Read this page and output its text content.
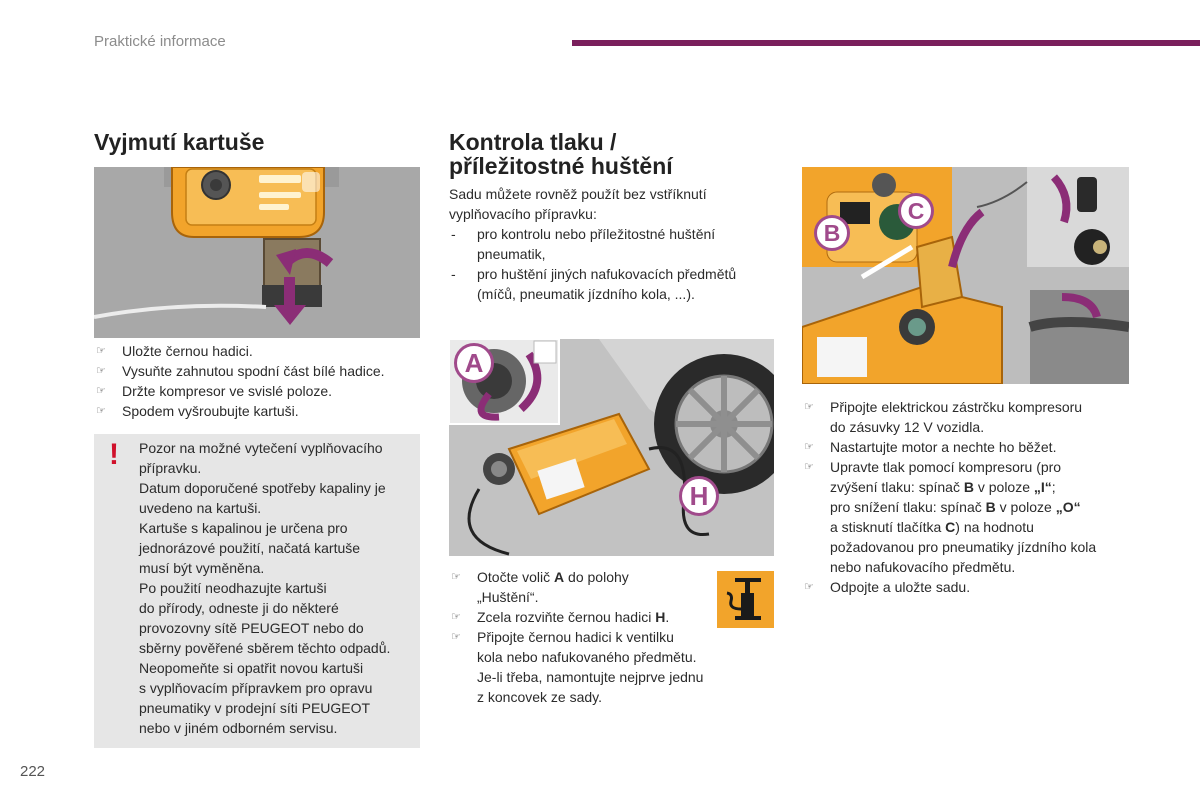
Praktické informace
Vyjmutí kartuše
☞ Uložte černou hadici.
☞ Vysuňte zahnutou spodní část bílé hadice.
☞ Držte kompresor ve svislé poloze.
☞ Spodem vyšroubujte kartuši.
! Pozor na možné vytečení vyplňovacího
přípravku.
Datum doporučené spotřeby kapaliny je
uvedeno na kartuši.
Kartuše s kapalinou je určena pro
jednorázové použití, načatá kartuše
musí být vyměněna.
Po použití neodhazujte kartuši
do přírody, odneste ji do některé
provozovny sítě PEUGEOT nebo do
sběrny pověřené sběrem těchto odpadů.
Neopomeňte si opatřit novou kartuši
s vyplňovacím přípravkem pro opravu
pneumatiky v prodejní síti PEUGEOT
nebo v jiném odborném servisu.
Kontrola tlaku /
příležitostné huštění
Sadu můžete rovněž použít bez vstříknutí
vyplňovacího přípravku:
- pro kontrolu nebo příležitostné huštění
pneumatik,
- pro huštění jiných nafukovacích předmětů
(míčů, pneumatik jízdního kola, ...).
A
H
☞ Otočte volič A do polohy
„Huštění“.
☞ Zcela rozviňte černou hadici H.
☞ Připojte černou hadici k ventilku
kola nebo nafukovaného předmětu.
Je-li třeba, namontujte nejprve jednu
z koncovek ze sady.
B
C
☞ Připojte elektrickou zástrčku kompresoru
do zásuvky 12 V vozidla.
☞ Nastartujte motor a nechte ho běžet.
☞ Upravte tlak pomocí kompresoru (pro
zvýšení tlaku: spínač B v poloze „I“;
pro snížení tlaku: spínač B v poloze „O“
a stisknutí tlačítka C) na hodnotu
požadovanou pro pneumatiky jízdního kola
nebo nafukovacího předmětu.
☞ Odpojte a uložte sadu.
222
